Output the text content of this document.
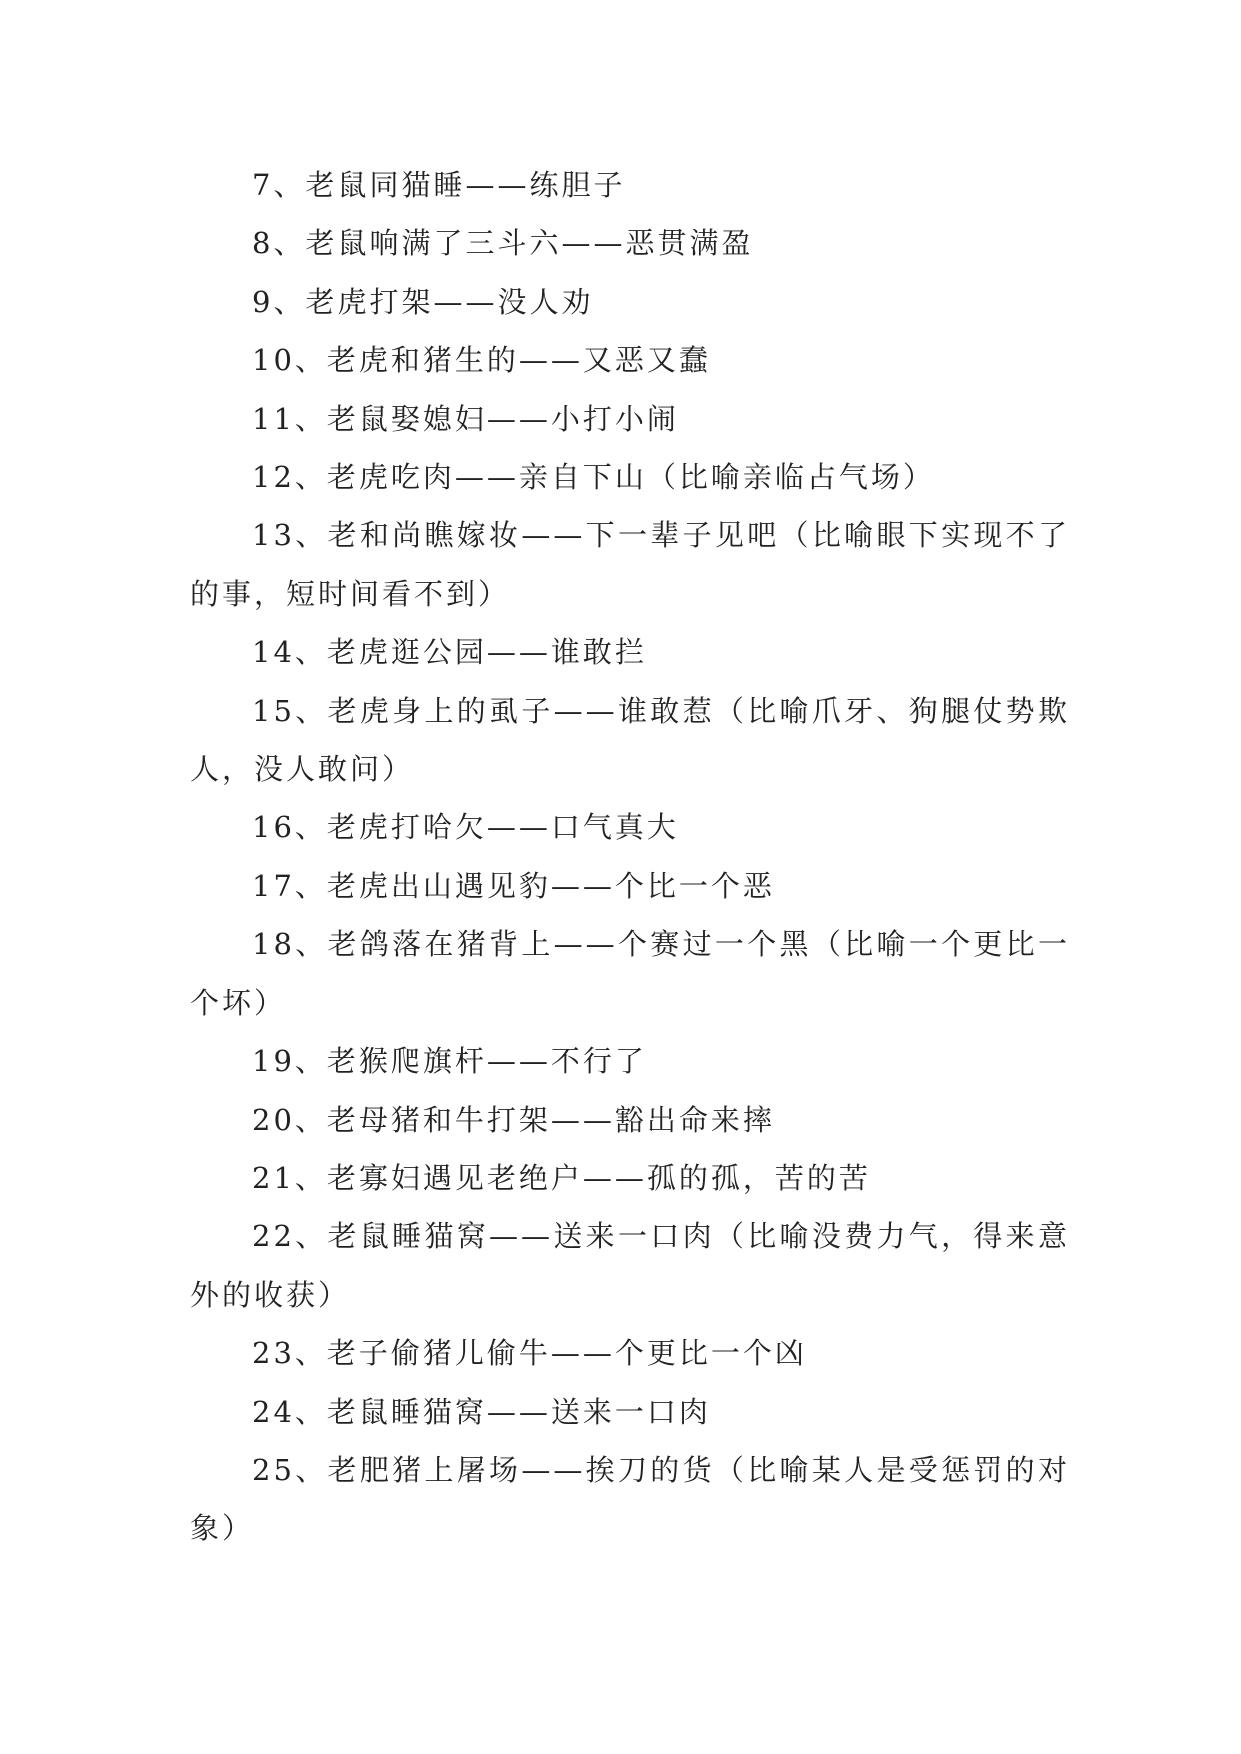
7、老鼠同猫睡——练胆子

8、老鼠响满了三斗六——恶贯满盈

9、老虎打架——没人劝

10、老虎和猪生的——又恶又蠢

11、老鼠娶媳妇——小打小闹

12、老虎吃肉——亲自下山（比喻亲临占气场）

13、老和尚瞧嫁妆——下一辈子见吧（比喻眼下实现不了的事，短时间看不到）

14、老虎逛公园——谁敢拦

15、老虎身上的虱子——谁敢惹（比喻爪牙、狗腿仗势欺人，没人敢问）

16、老虎打哈欠——口气真大

17、老虎出山遇见豹——个比一个恶

18、老鸽落在猪背上——个赛过一个黑（比喻一个更比一个坏）

19、老猴爬旗杆——不行了

20、老母猪和牛打架——豁出命来摔

21、老寡妇遇见老绝户——孤的孤，苦的苦

22、老鼠睡猫窝——送来一口肉（比喻没费力气，得来意外的收获）

23、老子偷猪儿偷牛——个更比一个凶

24、老鼠睡猫窝——送来一口肉

25、老肥猪上屠场——挨刀的货（比喻某人是受惩罚的对象）
